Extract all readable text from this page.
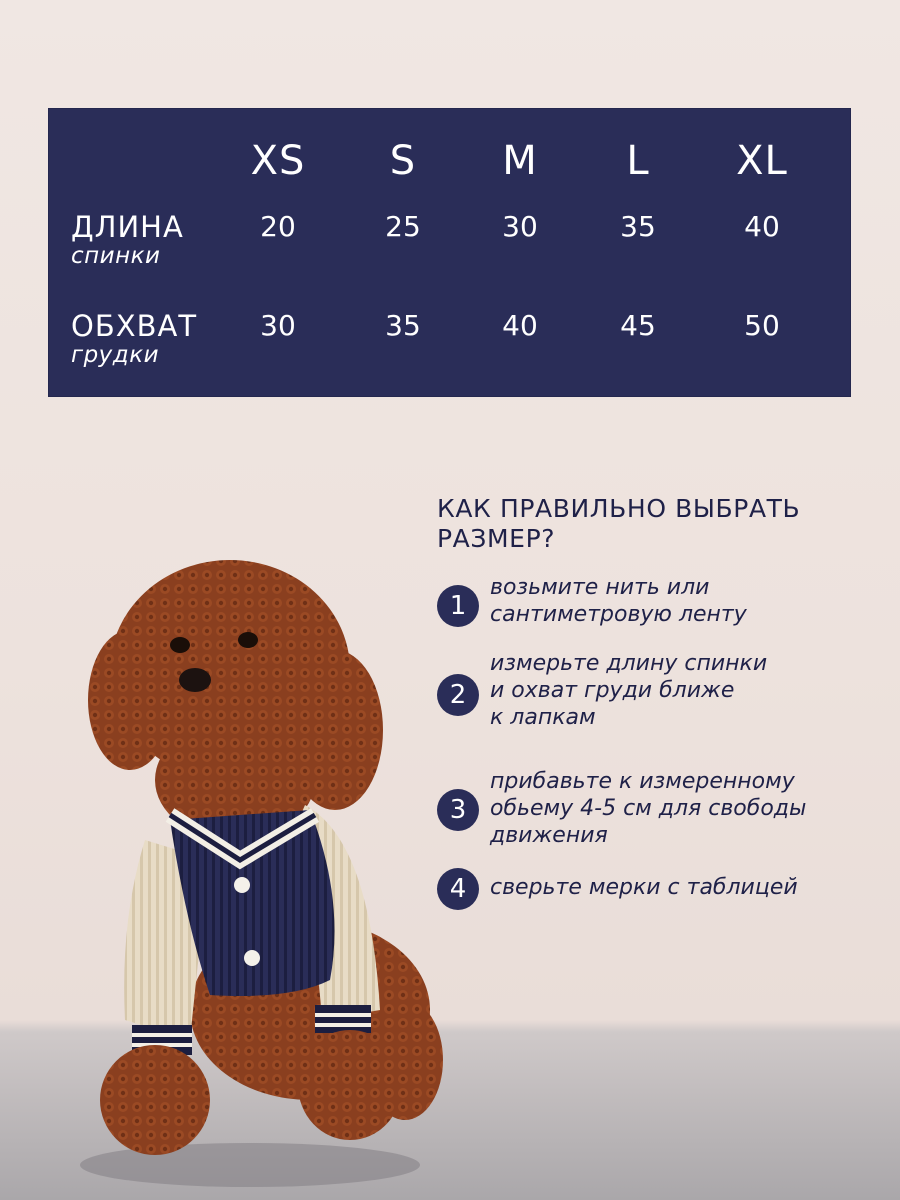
XS	S	M	L	XL
ДЛИНА
спинки
20	25	30	35	40
ОБХВАТ
грудки
30	35	40	45	50
КАК ПРАВИЛЬНО ВЫБРАТЬ
РАЗМЕР?
1
возьмите нить или
сантиметровую ленту
2
измерьте длину спинки
и охват груди ближе
к лапкам
3
прибавьте к измеренному
обьему 4-5 см для свободы
движения
4	сверьте мерки с таблицей
